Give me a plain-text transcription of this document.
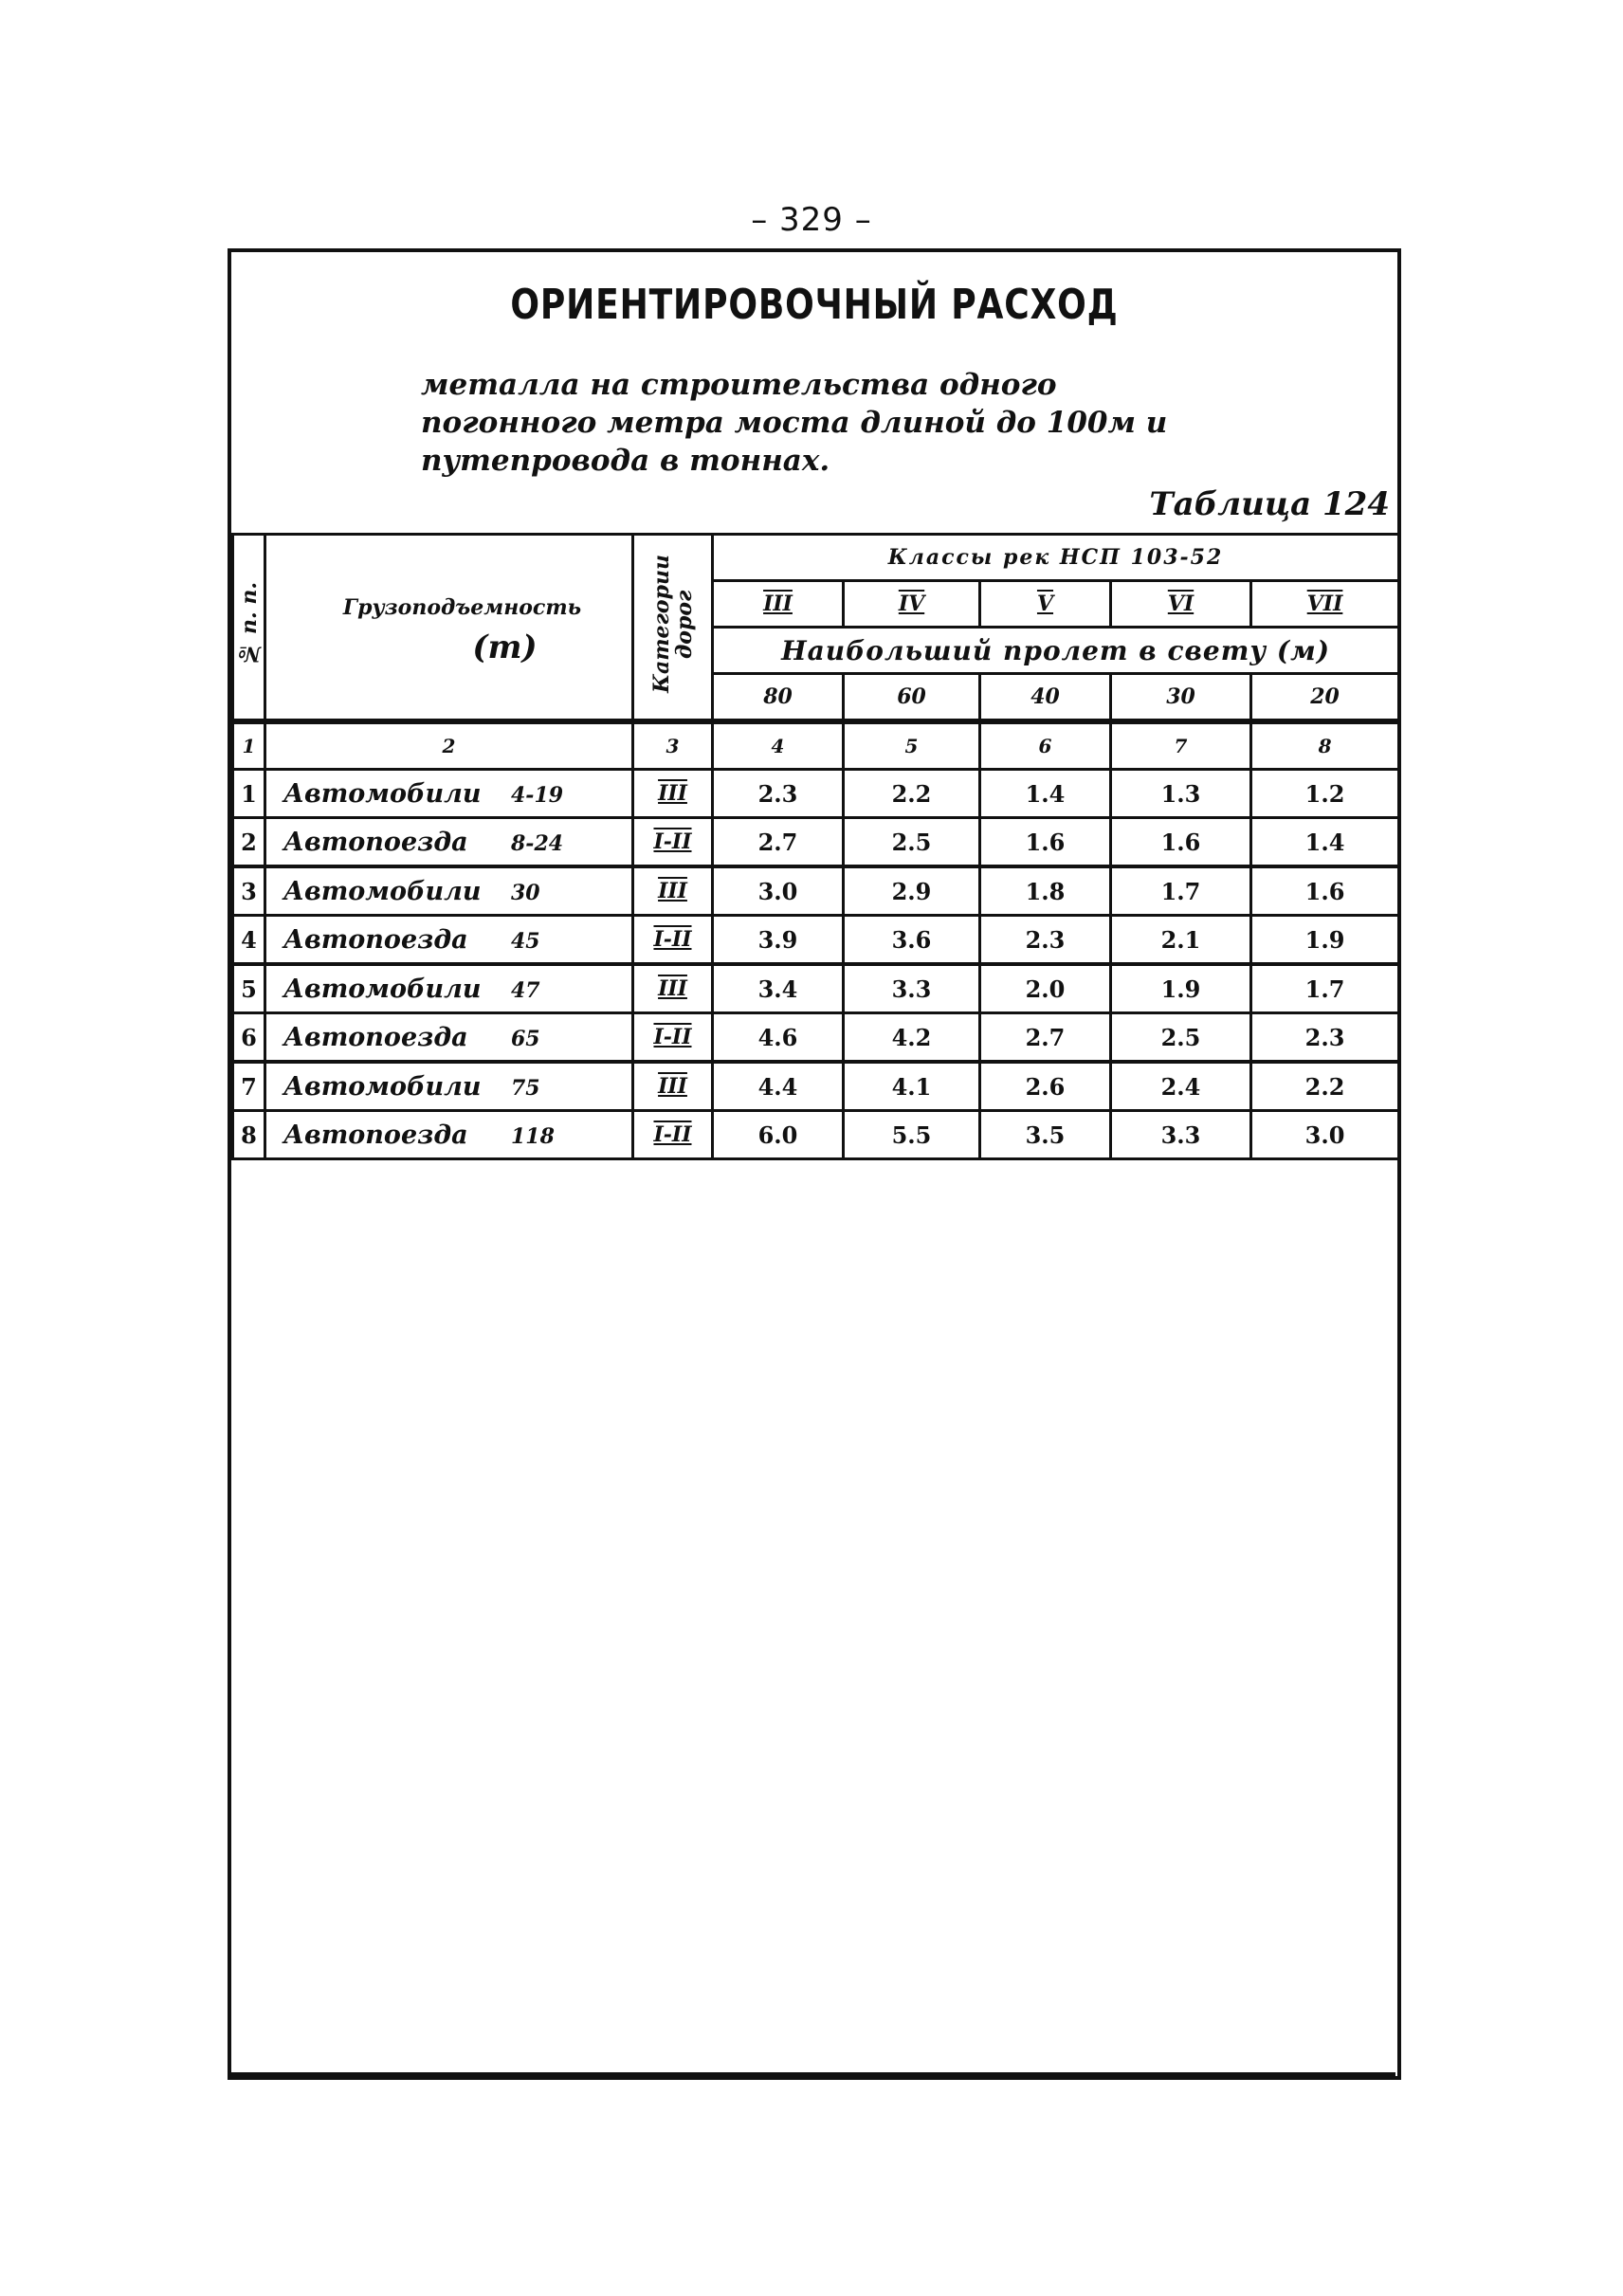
– 329 –
ОРИЕНТИРОВОЧНЫЙ РАСХОД
металла на строительства одного погонного метра моста длиной до 100м и путепровода в тоннах.
Таблица 124
№ п. п.	Грузоподъемность
(т)	Категории дорог	Классы рек НСП 103-52				
			III	IV	V	VI	VII
			Наибольший пролет в свету (м)				
			80	60	40	30	20
1	2	3	4	5	6	7	8
1	Автомобили 4-19	III	2.3	2.2	1.4	1.3	1.2
2	Автопоезда 8-24	I-II	2.7	2.5	1.6	1.6	1.4
3	Автомобили 30	III	3.0	2.9	1.8	1.7	1.6
4	Автопоезда 45	I-II	3.9	3.6	2.3	2.1	1.9
5	Автомобили 47	III	3.4	3.3	2.0	1.9	1.7
6	Автопоезда 65	I-II	4.6	4.2	2.7	2.5	2.3
7	Автомобили 75	III	4.4	4.1	2.6	2.4	2.2
8	Автопоезда 118	I-II	6.0	5.5	3.5	3.3	3.0
